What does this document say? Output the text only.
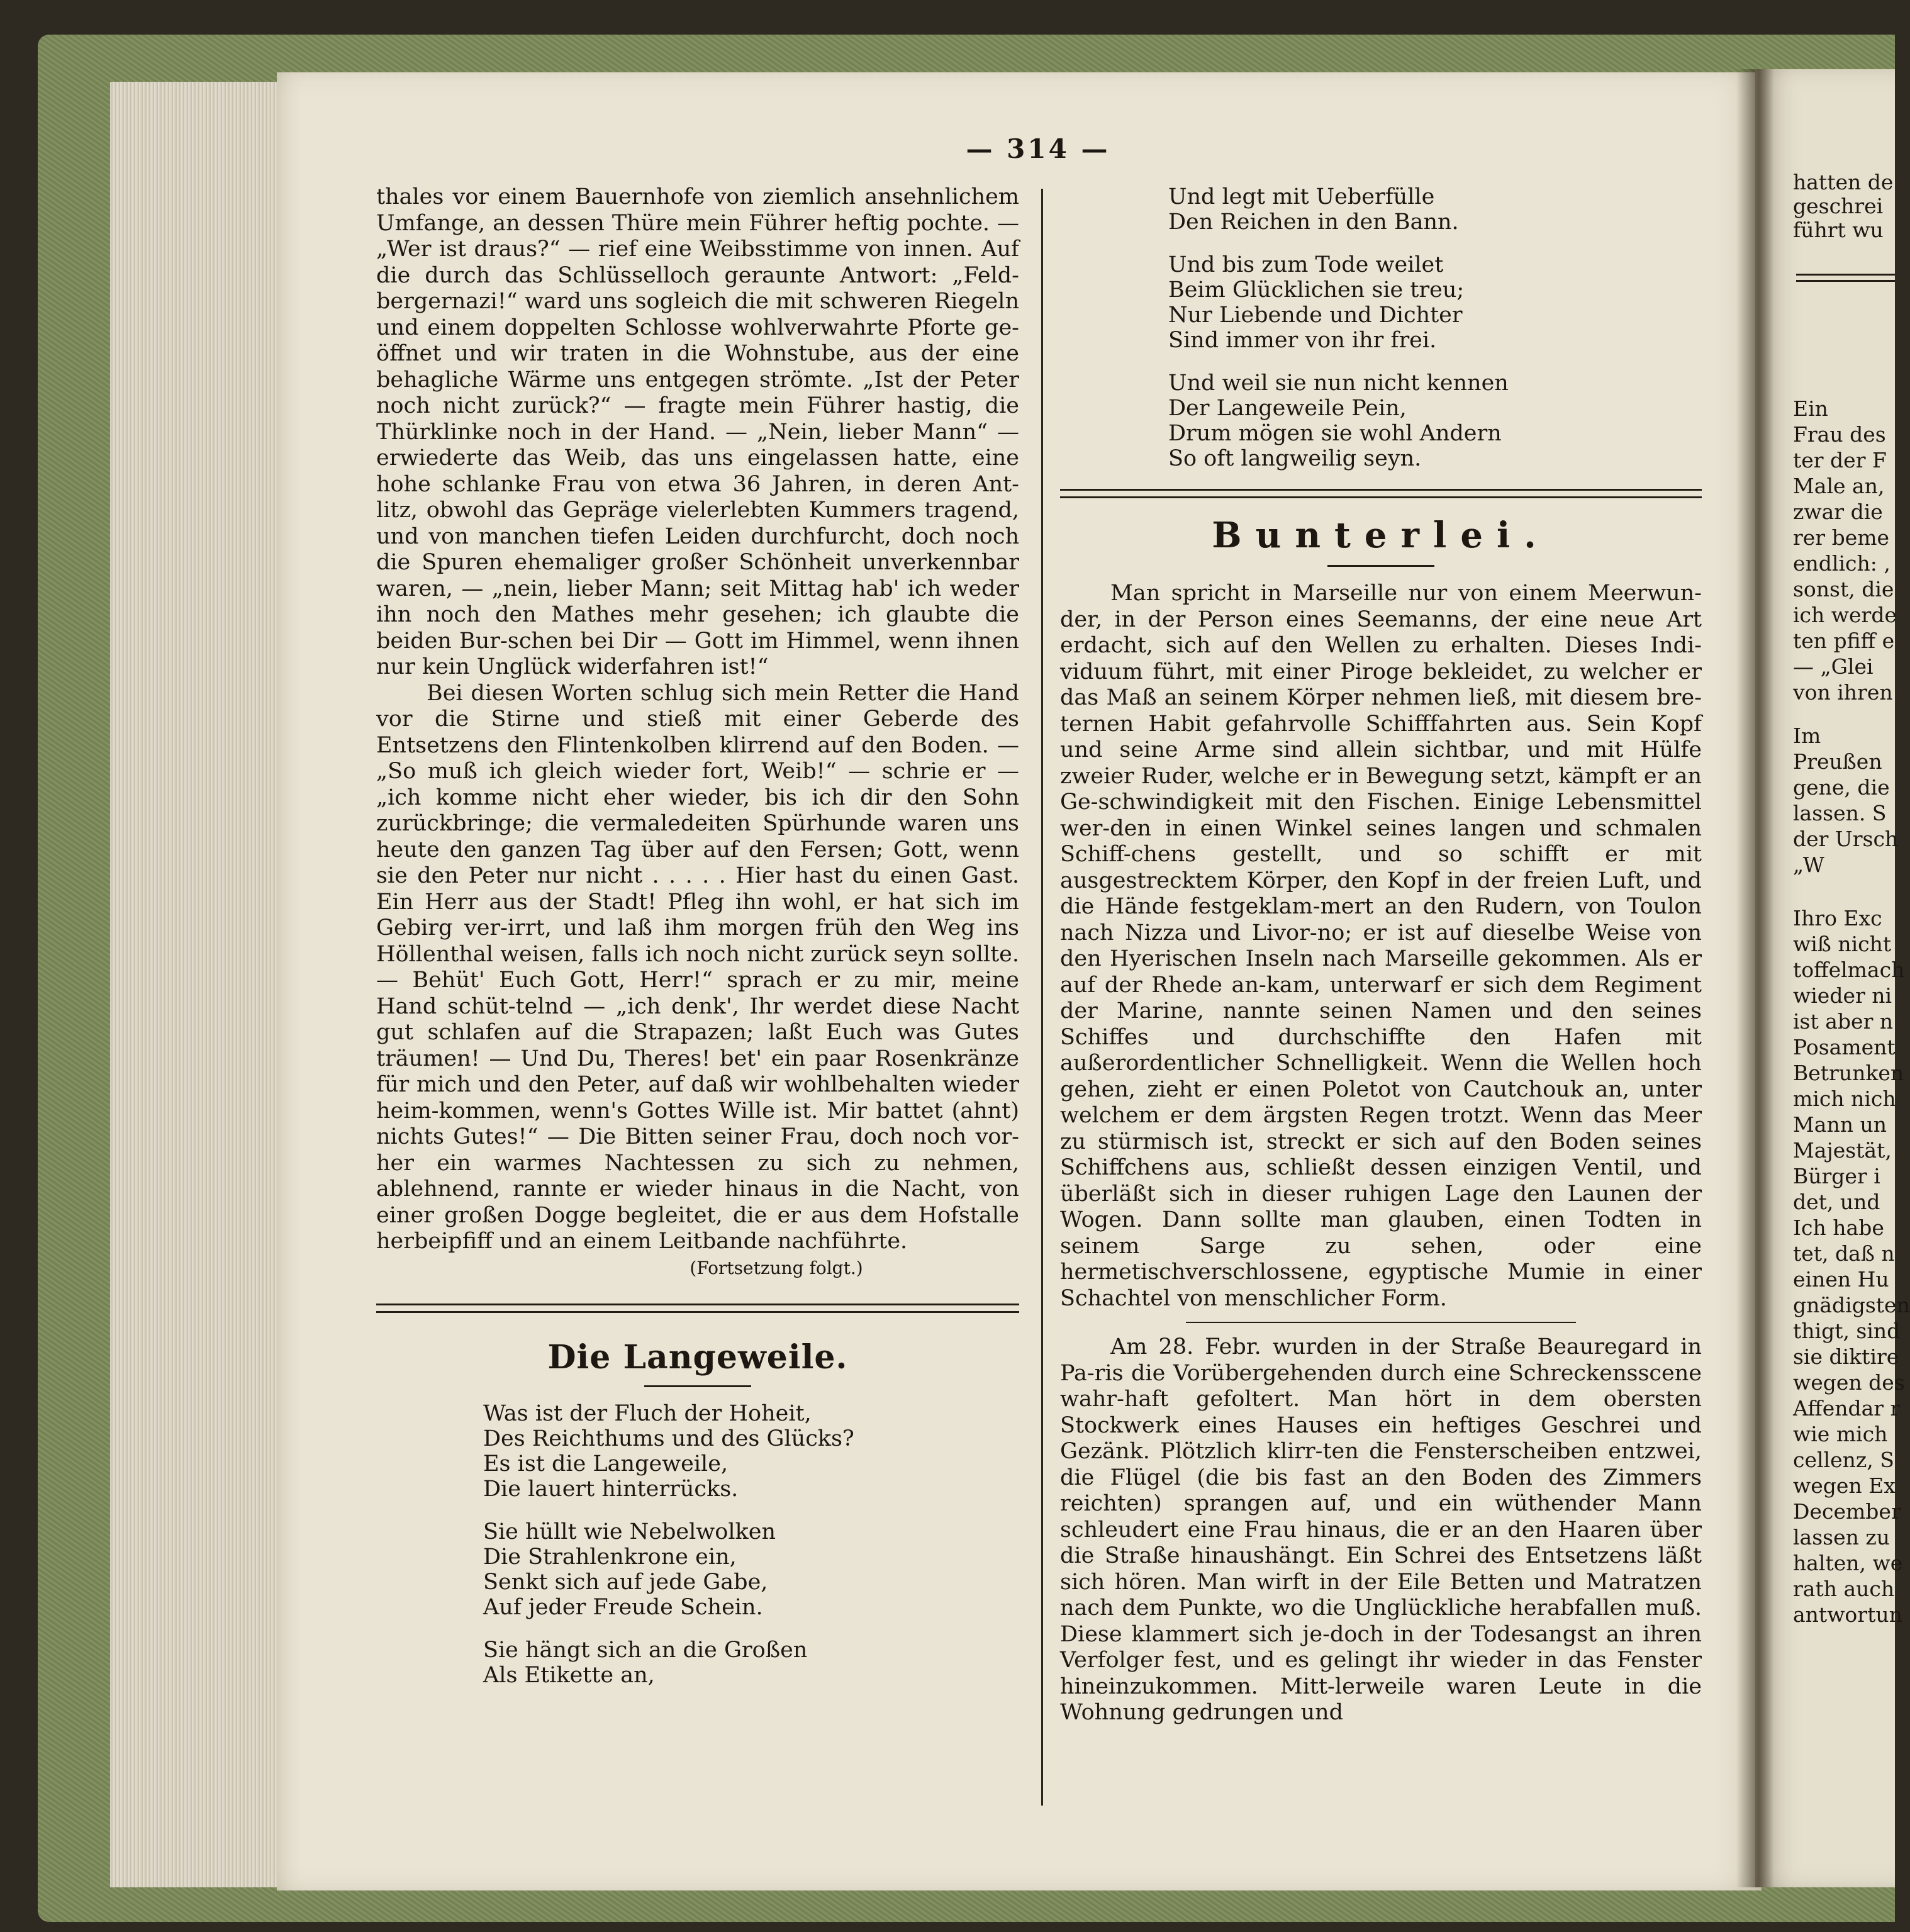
— 314 —

thales vor einem Bauernhofe von ziemlich ansehnlichem Umfange, an dessen Thüre mein Führer heftig pochte. — „Wer ist draus?“ — rief eine Weibsstimme von innen. Auf die durch das Schlüsselloch geraunte Antwort: „Feld-bergernazi!“ ward uns sogleich die mit schweren Riegeln und einem doppelten Schlosse wohlverwahrte Pforte ge-öffnet und wir traten in die Wohnstube, aus der eine behagliche Wärme uns entgegen strömte. „Ist der Peter noch nicht zurück?“ — fragte mein Führer hastig, die Thürklinke noch in der Hand. — „Nein, lieber Mann“ — erwiederte das Weib, das uns eingelassen hatte, eine hohe schlanke Frau von etwa 36 Jahren, in deren Ant-litz, obwohl das Gepräge vielerlebten Kummers tragend, und von manchen tiefen Leiden durchfurcht, doch noch die Spuren ehemaliger großer Schönheit unverkennbar waren, — „nein, lieber Mann; seit Mittag hab' ich weder ihn noch den Mathes mehr gesehen; ich glaubte die beiden Bur-schen bei Dir — Gott im Himmel, wenn ihnen nur kein Unglück widerfahren ist!“

Bei diesen Worten schlug sich mein Retter die Hand vor die Stirne und stieß mit einer Geberde des Entsetzens den Flintenkolben klirrend auf den Boden. — „So muß ich gleich wieder fort, Weib!“ — schrie er — „ich komme nicht eher wieder, bis ich dir den Sohn zurückbringe; die vermaledeiten Spürhunde waren uns heute den ganzen Tag über auf den Fersen; Gott, wenn sie den Peter nur nicht . . . . . Hier hast du einen Gast. Ein Herr aus der Stadt! Pfleg ihn wohl, er hat sich im Gebirg ver-irrt, und laß ihm morgen früh den Weg ins Höllenthal weisen, falls ich noch nicht zurück seyn sollte. — Behüt' Euch Gott, Herr!“ sprach er zu mir, meine Hand schüt-telnd — „ich denk', Ihr werdet diese Nacht gut schlafen auf die Strapazen; laßt Euch was Gutes träumen! — Und Du, Theres! bet' ein paar Rosenkränze für mich und den Peter, auf daß wir wohlbehalten wieder heim-kommen, wenn's Gottes Wille ist. Mir battet (ahnt) nichts Gutes!“ — Die Bitten seiner Frau, doch noch vor-her ein warmes Nachtessen zu sich zu nehmen, ablehnend, rannte er wieder hinaus in die Nacht, von einer großen Dogge begleitet, die er aus dem Hofstalle herbeipfiff und an einem Leitbande nachführte.

(Fortsetzung folgt.)

Die Langeweile.

Was ist der Fluch der Hoheit,

Des Reichthums und des Glücks?

Es ist die Langeweile,

Die lauert hinterrücks.

Sie hüllt wie Nebelwolken

Die Strahlenkrone ein,

Senkt sich auf jede Gabe,

Auf jeder Freude Schein.

Sie hängt sich an die Großen

Als Etikette an,

Und legt mit Ueberfülle

Den Reichen in den Bann.

Und bis zum Tode weilet

Beim Glücklichen sie treu;

Nur Liebende und Dichter

Sind immer von ihr frei.

Und weil sie nun nicht kennen

Der Langeweile Pein,

Drum mögen sie wohl Andern

So oft langweilig seyn.

Bunterlei.

Man spricht in Marseille nur von einem Meerwun-der, in der Person eines Seemanns, der eine neue Art erdacht, sich auf den Wellen zu erhalten. Dieses Indi-viduum führt, mit einer Piroge bekleidet, zu welcher er das Maß an seinem Körper nehmen ließ, mit diesem bre-ternen Habit gefahrvolle Schifffahrten aus. Sein Kopf und seine Arme sind allein sichtbar, und mit Hülfe zweier Ruder, welche er in Bewegung setzt, kämpft er an Ge-schwindigkeit mit den Fischen. Einige Lebensmittel wer-den in einen Winkel seines langen und schmalen Schiff-chens gestellt, und so schifft er mit ausgestrecktem Körper, den Kopf in der freien Luft, und die Hände festgeklam-mert an den Rudern, von Toulon nach Nizza und Livor-no; er ist auf dieselbe Weise von den Hyerischen Inseln nach Marseille gekommen. Als er auf der Rhede an-kam, unterwarf er sich dem Regiment der Marine, nannte seinen Namen und den seines Schiffes und durchschiffte den Hafen mit außerordentlicher Schnelligkeit. Wenn die Wellen hoch gehen, zieht er einen Poletot von Cautchouk an, unter welchem er dem ärgsten Regen trotzt. Wenn das Meer zu stürmisch ist, streckt er sich auf den Boden seines Schiffchens aus, schließt dessen einzigen Ventil, und überläßt sich in dieser ruhigen Lage den Launen der Wogen. Dann sollte man glauben, einen Todten in seinem Sarge zu sehen, oder eine hermetischverschlossene, egyptische Mumie in einer Schachtel von menschlicher Form.

Am 28. Febr. wurden in der Straße Beauregard in Pa-ris die Vorübergehenden durch eine Schreckensscene wahr-haft gefoltert. Man hört in dem obersten Stockwerk eines Hauses ein heftiges Geschrei und Gezänk. Plötzlich klirr-ten die Fensterscheiben entzwei, die Flügel (die bis fast an den Boden des Zimmers reichten) sprangen auf, und ein wüthender Mann schleudert eine Frau hinaus, die er an den Haaren über die Straße hinaushängt. Ein Schrei des Entsetzens läßt sich hören. Man wirft in der Eile Betten und Matratzen nach dem Punkte, wo die Unglückliche herabfallen muß. Diese klammert sich je-doch in der Todesangst an ihren Verfolger fest, und es gelingt ihr wieder in das Fenster hineinzukommen. Mitt-lerweile waren Leute in die Wohnung gedrungen und

hatten de
geschrei
führt wu
Ein
Frau des
ter der F
Male an,
zwar die
rer beme
endlich: ,
sonst, die
ich werde
ten pfiff e
— „Glei
von ihren
Im
Preußen
gene, die
lassen. S
der Ursch
„W
Ihro Exc
wiß nicht
toffelmach
wieder ni
ist aber n
Posament
Betrunken
mich nich
Mann un
Majestät,
Bürger i
det, und
Ich habe
tet, daß n
einen Hu
gnädigsten
thigt, sind
sie diktire
wegen des
Affendar r
wie mich
cellenz, S
wegen Ex
December
lassen zu
halten, we
rath auch
antwortun
